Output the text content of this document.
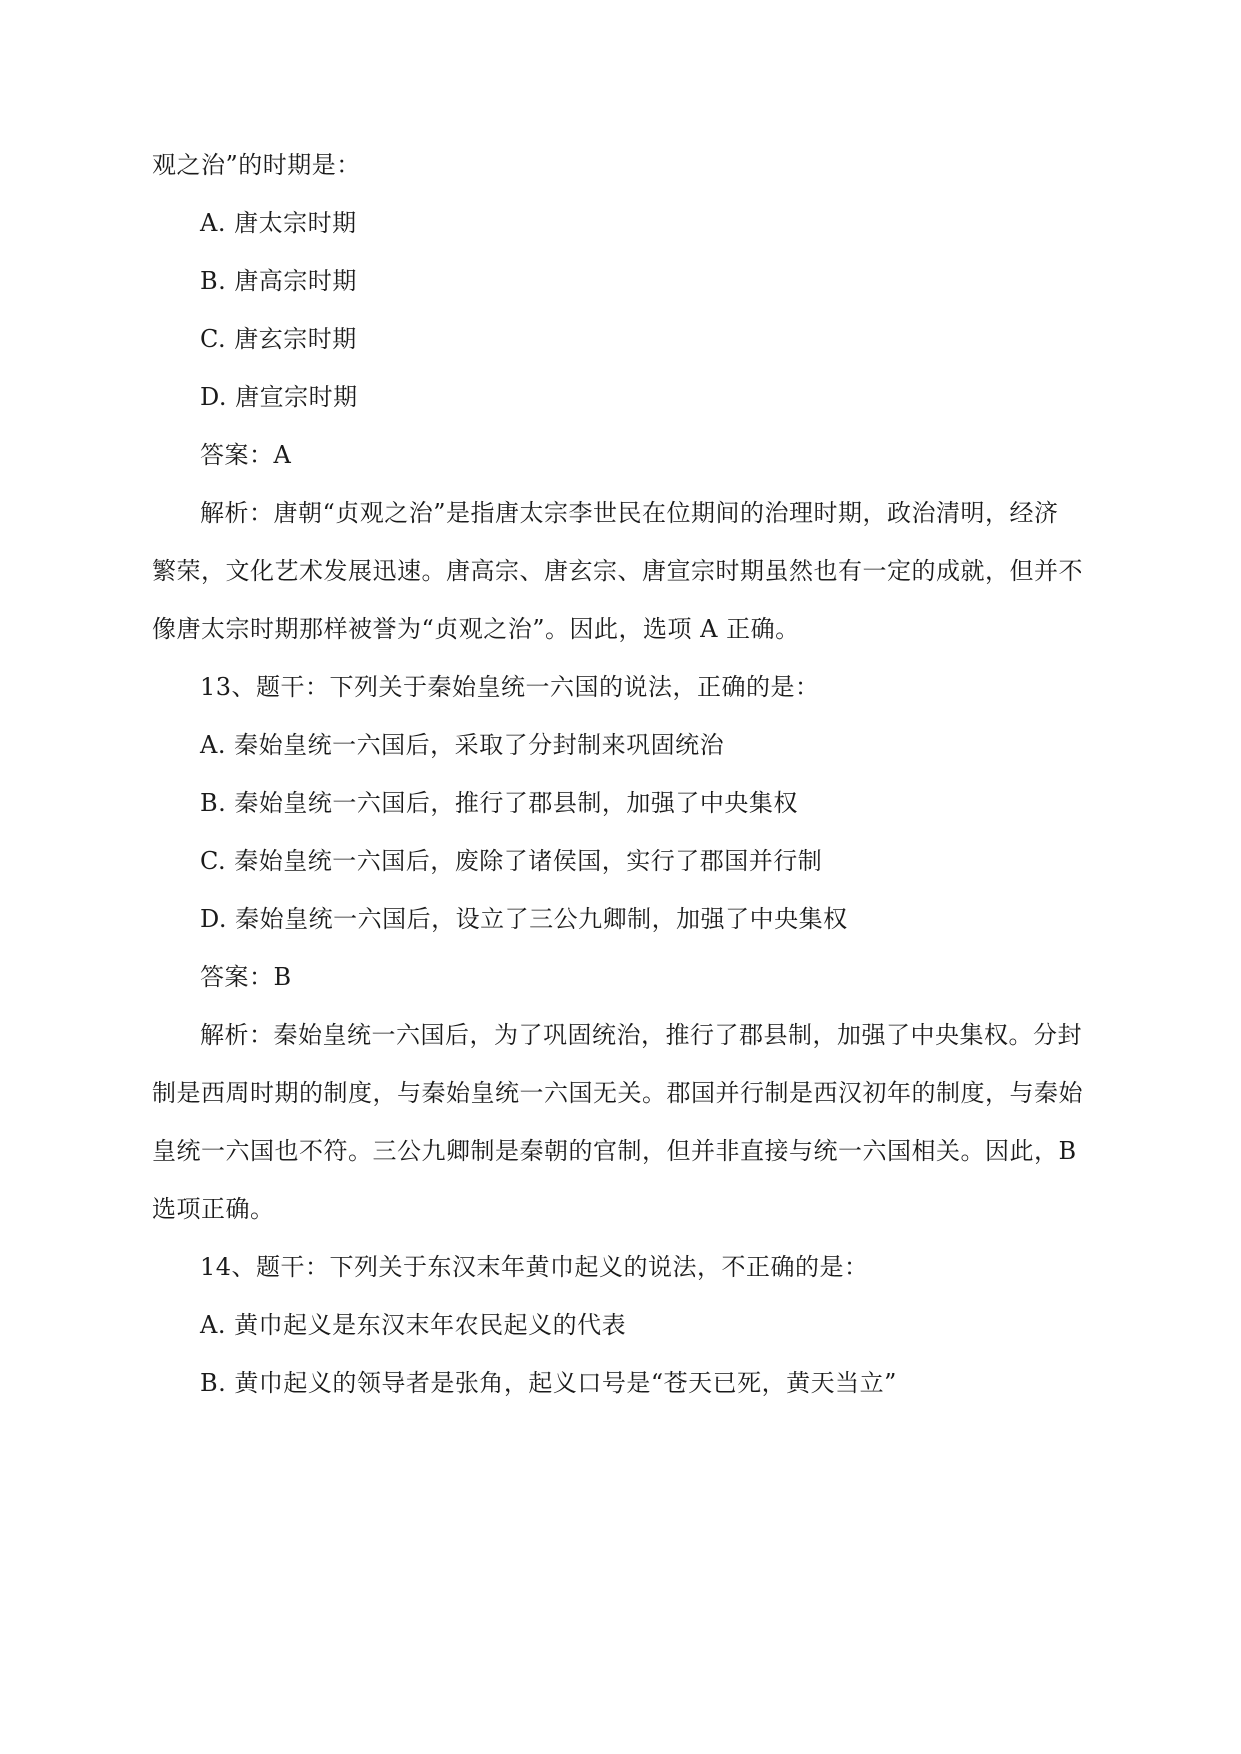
观之治”的时期是：
A. 唐太宗时期
B. 唐高宗时期
C. 唐玄宗时期
D. 唐宣宗时期
答案：A
解析：唐朝“贞观之治”是指唐太宗李世民在位期间的治理时期，政治清明，经济
繁荣，文化艺术发展迅速。唐高宗、唐玄宗、唐宣宗时期虽然也有一定的成就，但并不
像唐太宗时期那样被誉为“贞观之治”。因此，选项 A 正确。
13、题干：下列关于秦始皇统一六国的说法，正确的是：
A. 秦始皇统一六国后，采取了分封制来巩固统治
B. 秦始皇统一六国后，推行了郡县制，加强了中央集权
C. 秦始皇统一六国后，废除了诸侯国，实行了郡国并行制
D. 秦始皇统一六国后，设立了三公九卿制，加强了中央集权
答案：B
解析：秦始皇统一六国后，为了巩固统治，推行了郡县制，加强了中央集权。分封
制是西周时期的制度，与秦始皇统一六国无关。郡国并行制是西汉初年的制度，与秦始
皇统一六国也不符。三公九卿制是秦朝的官制，但并非直接与统一六国相关。因此，B
选项正确。
14、题干：下列关于东汉末年黄巾起义的说法，不正确的是：
A. 黄巾起义是东汉末年农民起义的代表
B. 黄巾起义的领导者是张角，起义口号是“苍天已死，黄天当立”
